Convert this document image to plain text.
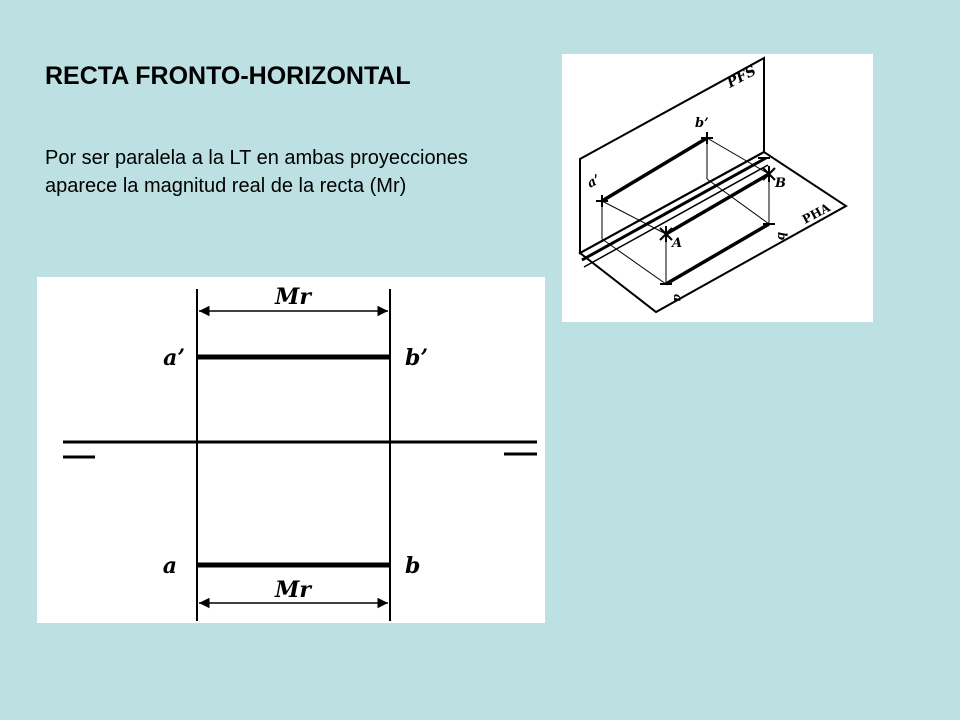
RECTA FRONTO-HORIZONTAL

Por ser paralela a la LT en ambas proyecciones aparece la magnitud real de la recta (Mr)

PFS
PHA
a’
b’
A
B
a
b
Mr
a’	b’
a	b
Mr
